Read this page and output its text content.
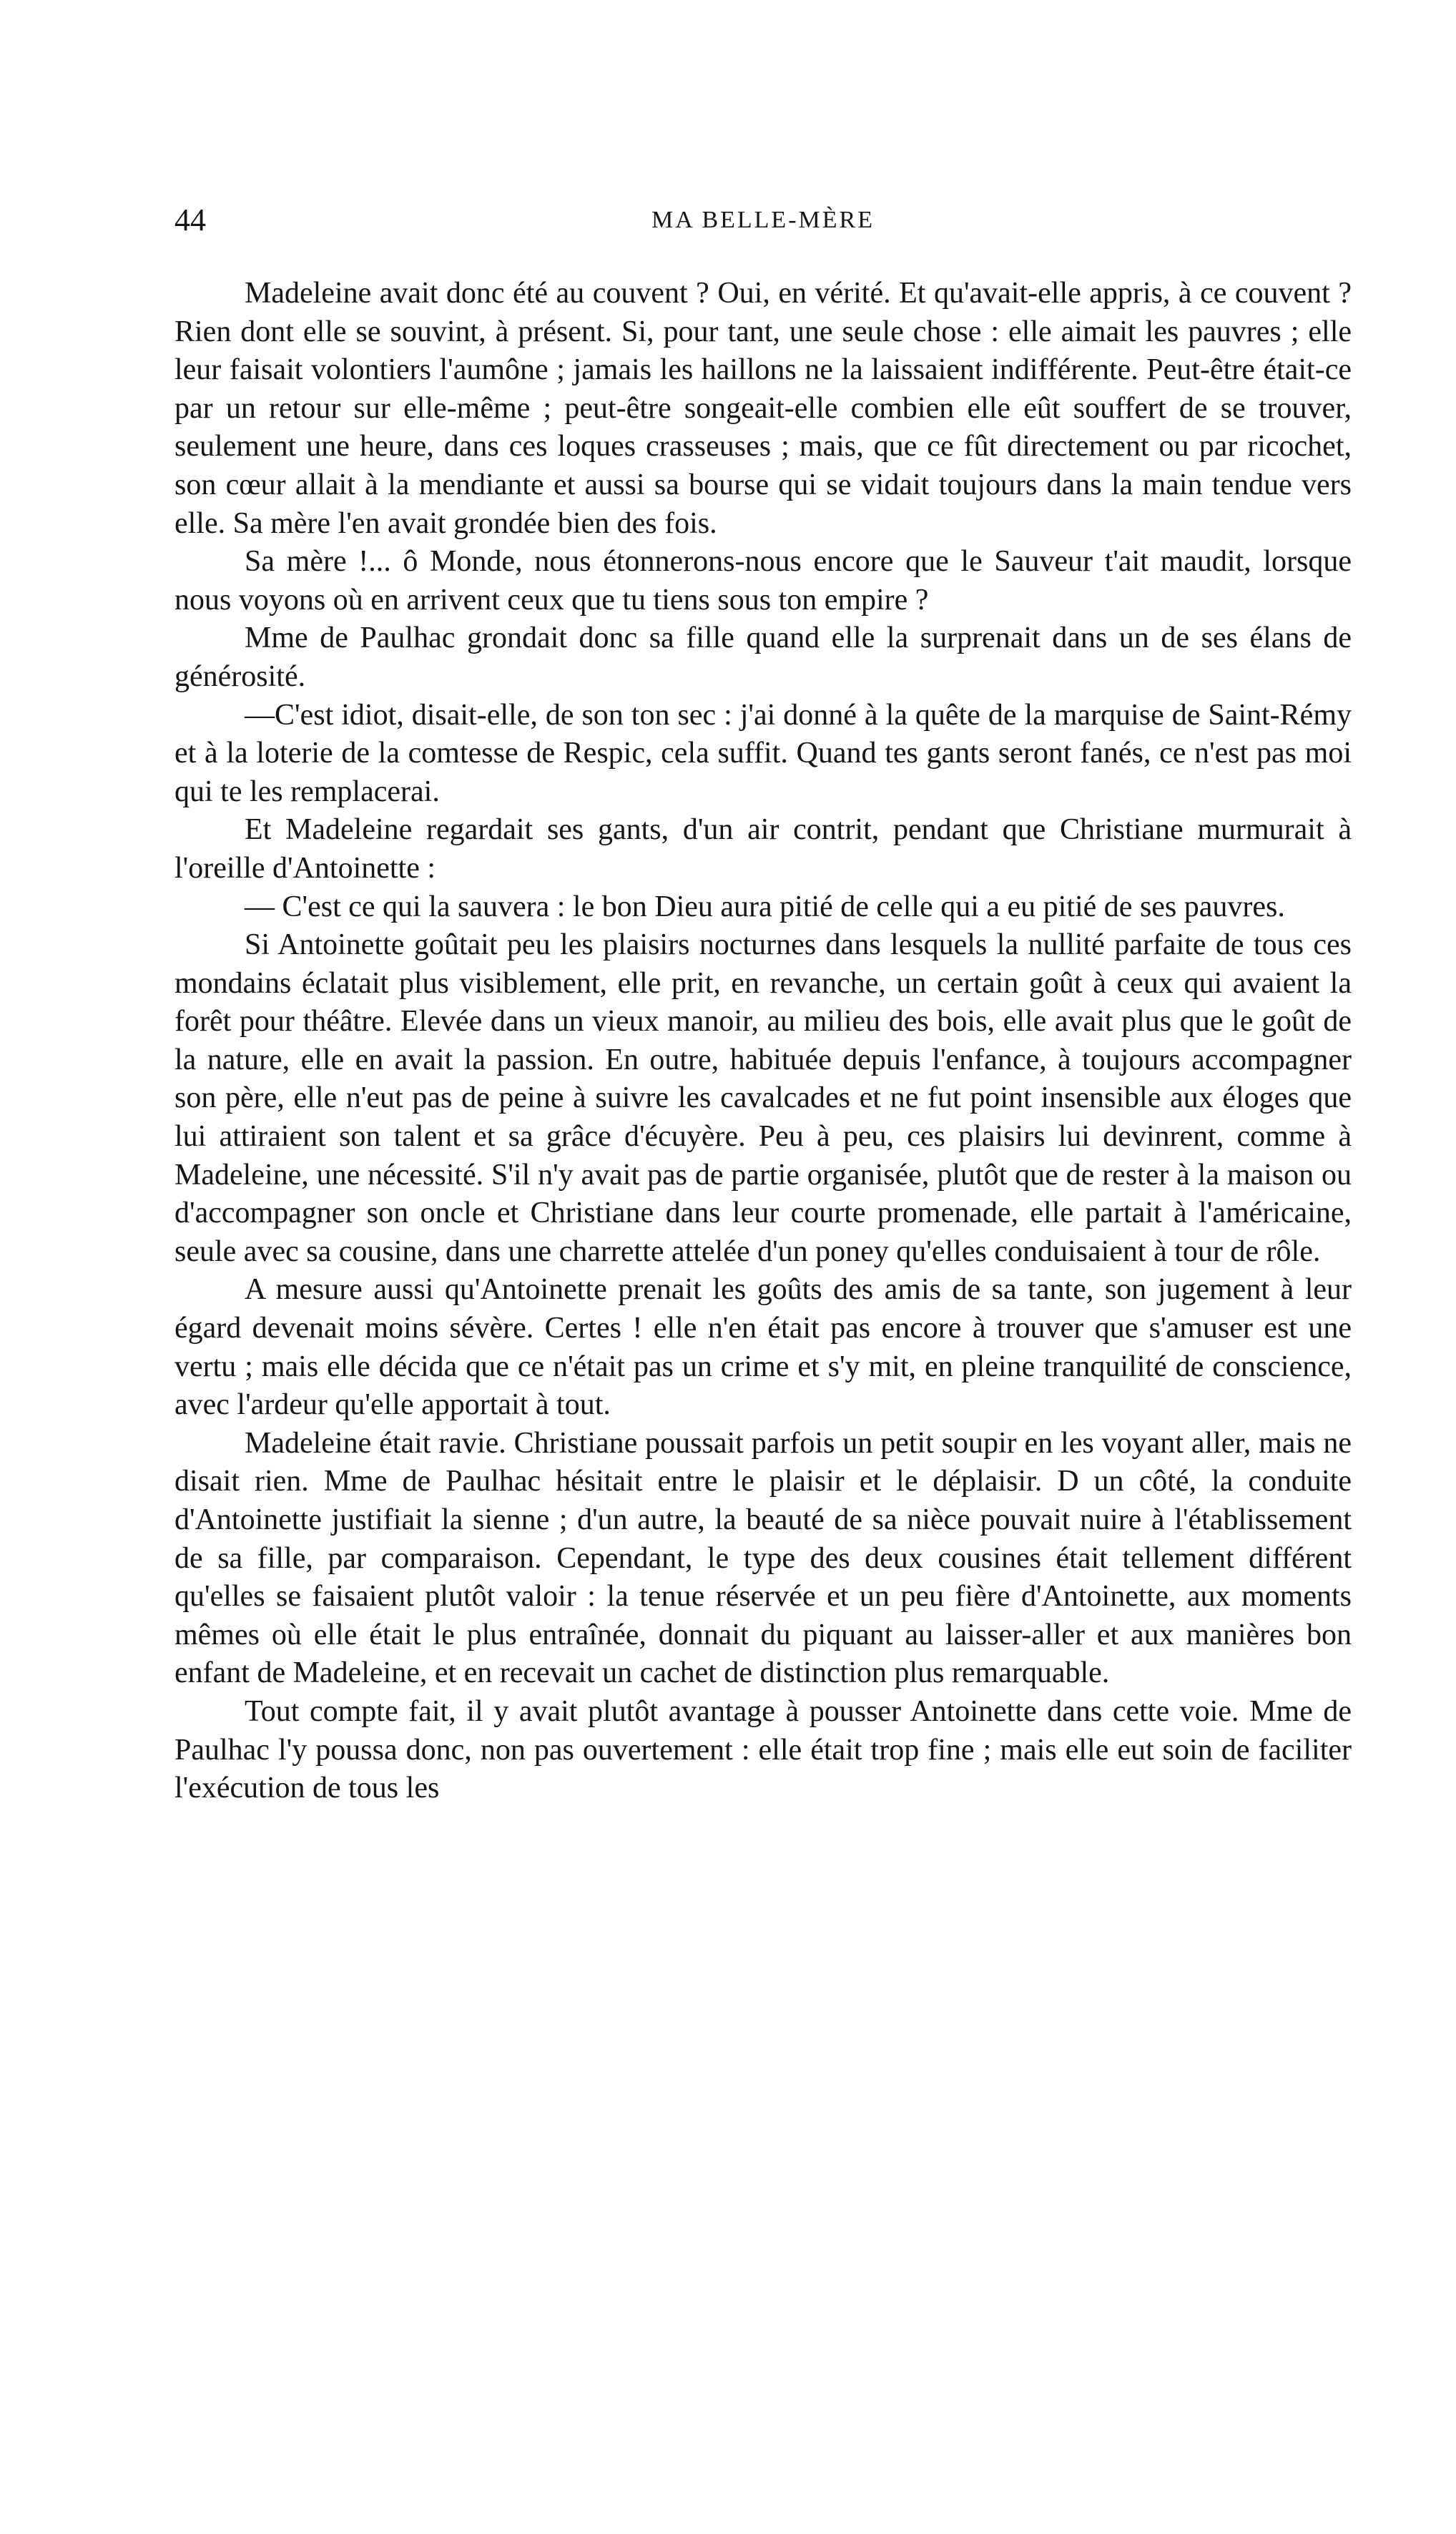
44	MA BELLE-MÈRE

Madeleine avait donc été au couvent ? Oui, en vérité. Et qu'avait-elle appris, à ce couvent ? Rien dont elle se souvint, à présent. Si, pour tant, une seule chose : elle aimait les pauvres ; elle leur faisait volontiers l'aumône ; jamais les haillons ne la laissaient indifférente. Peut-être était-ce par un retour sur elle-même ; peut-être songeait-elle combien elle eût souffert de se trouver, seulement une heure, dans ces loques crasseuses ; mais, que ce fût directement ou par ricochet, son cœur allait à la mendiante et aussi sa bourse qui se vidait toujours dans la main tendue vers elle. Sa mère l'en avait grondée bien des fois.

Sa mère !... ô Monde, nous étonnerons-nous encore que le Sauveur t'ait maudit, lorsque nous voyons où en arrivent ceux que tu tiens sous ton empire ?

Mme de Paulhac grondait donc sa fille quand elle la surprenait dans un de ses élans de générosité.

—C'est idiot, disait-elle, de son ton sec : j'ai donné à la quête de la marquise de Saint-Rémy et à la loterie de la comtesse de Respic, cela suffit. Quand tes gants seront fanés, ce n'est pas moi qui te les remplacerai.

Et Madeleine regardait ses gants, d'un air contrit, pendant que Christiane murmurait à l'oreille d'Antoinette :

— C'est ce qui la sauvera : le bon Dieu aura pitié de celle qui a eu pitié de ses pauvres.

Si Antoinette goûtait peu les plaisirs nocturnes dans lesquels la nullité parfaite de tous ces mondains éclatait plus visiblement, elle prit, en revanche, un certain goût à ceux qui avaient la forêt pour théâtre. Elevée dans un vieux manoir, au milieu des bois, elle avait plus que le goût de la nature, elle en avait la passion. En outre, habituée depuis l'enfance, à toujours accompagner son père, elle n'eut pas de peine à suivre les cavalcades et ne fut point insensible aux éloges que lui attiraient son talent et sa grâce d'écuyère. Peu à peu, ces plaisirs lui devinrent, comme à Madeleine, une nécessité. S'il n'y avait pas de partie organisée, plutôt que de rester à la maison ou d'accompagner son oncle et Christiane dans leur courte promenade, elle partait à l'américaine, seule avec sa cousine, dans une charrette attelée d'un poney qu'elles conduisaient à tour de rôle.

A mesure aussi qu'Antoinette prenait les goûts des amis de sa tante, son jugement à leur égard devenait moins sévère. Certes ! elle n'en était pas encore à trouver que s'amuser est une vertu ; mais elle décida que ce n'était pas un crime et s'y mit, en pleine tranquilité de conscience, avec l'ardeur qu'elle apportait à tout.

Madeleine était ravie. Christiane poussait parfois un petit soupir en les voyant aller, mais ne disait rien. Mme de Paulhac hésitait entre le plaisir et le déplaisir. D un côté, la conduite d'Antoinette justifiait la sienne ; d'un autre, la beauté de sa nièce pouvait nuire à l'établissement de sa fille, par comparaison. Cependant, le type des deux cousines était tellement différent qu'elles se faisaient plutôt valoir : la tenue réservée et un peu fière d'Antoinette, aux moments mêmes où elle était le plus entraînée, donnait du piquant au laisser-aller et aux manières bon enfant de Madeleine, et en recevait un cachet de distinction plus remarquable.

Tout compte fait, il y avait plutôt avantage à pousser Antoinette dans cette voie. Mme de Paulhac l'y poussa donc, non pas ouvertement : elle était trop fine ; mais elle eut soin de faciliter l'exécution de tous les
